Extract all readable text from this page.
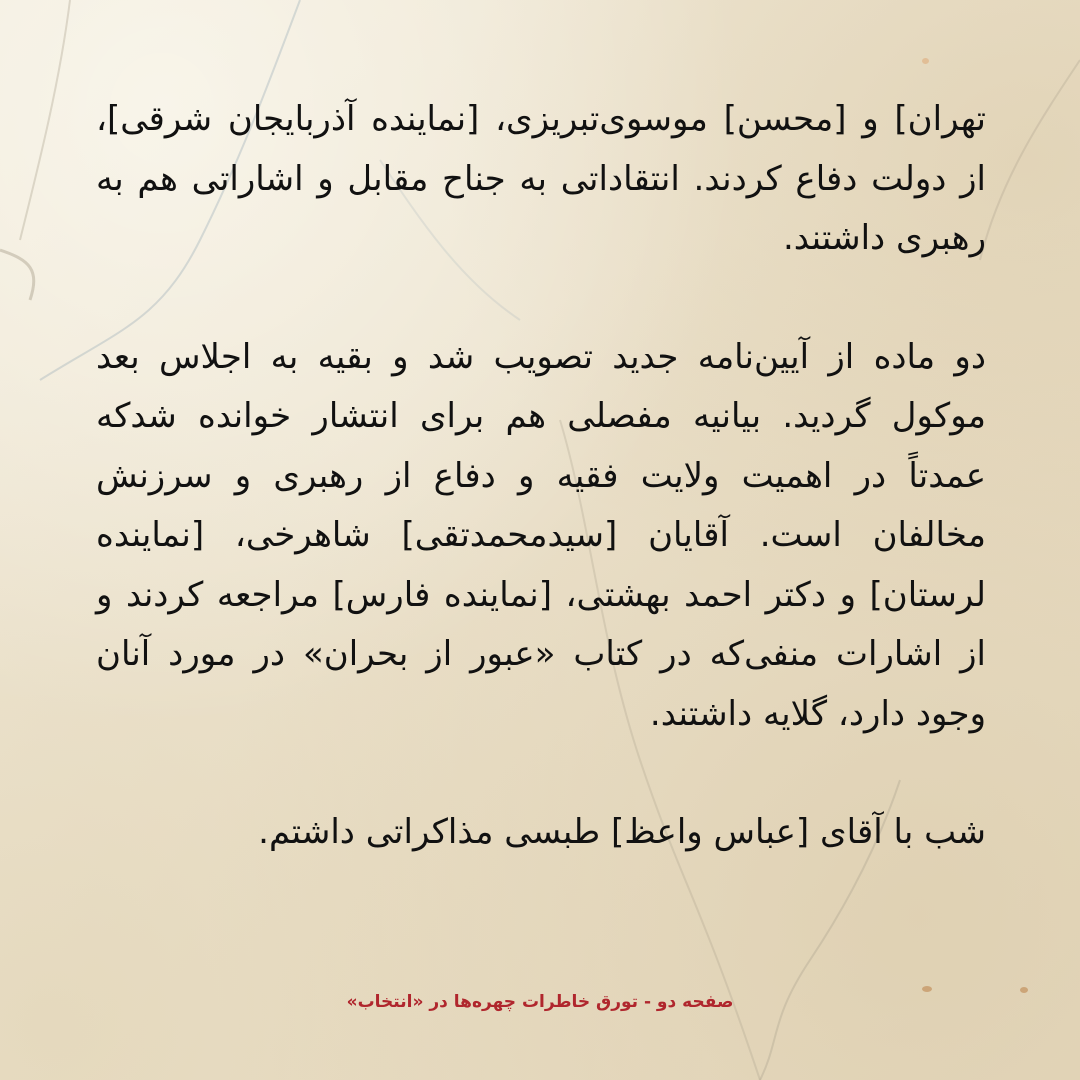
تهران] و [محسن] موسوی‌تبریزی، [نماینده آذربایجان شرقی]، از دولت دفاع کردند. انتقاداتی به جناح مقابل و اشاراتی هم به رهبری داشتند.

دو ماده از آیین‌نامه جدید تصویب شد و بقیه به اجلاس بعد موکول گردید. بیانیه مفصلی هم برای انتشار خوانده شدکه عمدتاً در اهمیت ولایت فقیه و دفاع از رهبری و سرزنش مخالفان است. آقایان [سیدمحمدتقی] شاهرخی، [نماینده لرستان] و دکتر احمد بهشتی، [نماینده فارس] مراجعه کردند و از اشارات منفی‌که در کتاب «عبور از بحران» در مورد آنان وجود دارد، گلایه داشتند.

شب با آقای [عباس واعظ] طبسی مذاکراتی داشتم.

صفحه دو - تورق خاطرات چهره‌ها در «انتخاب»
